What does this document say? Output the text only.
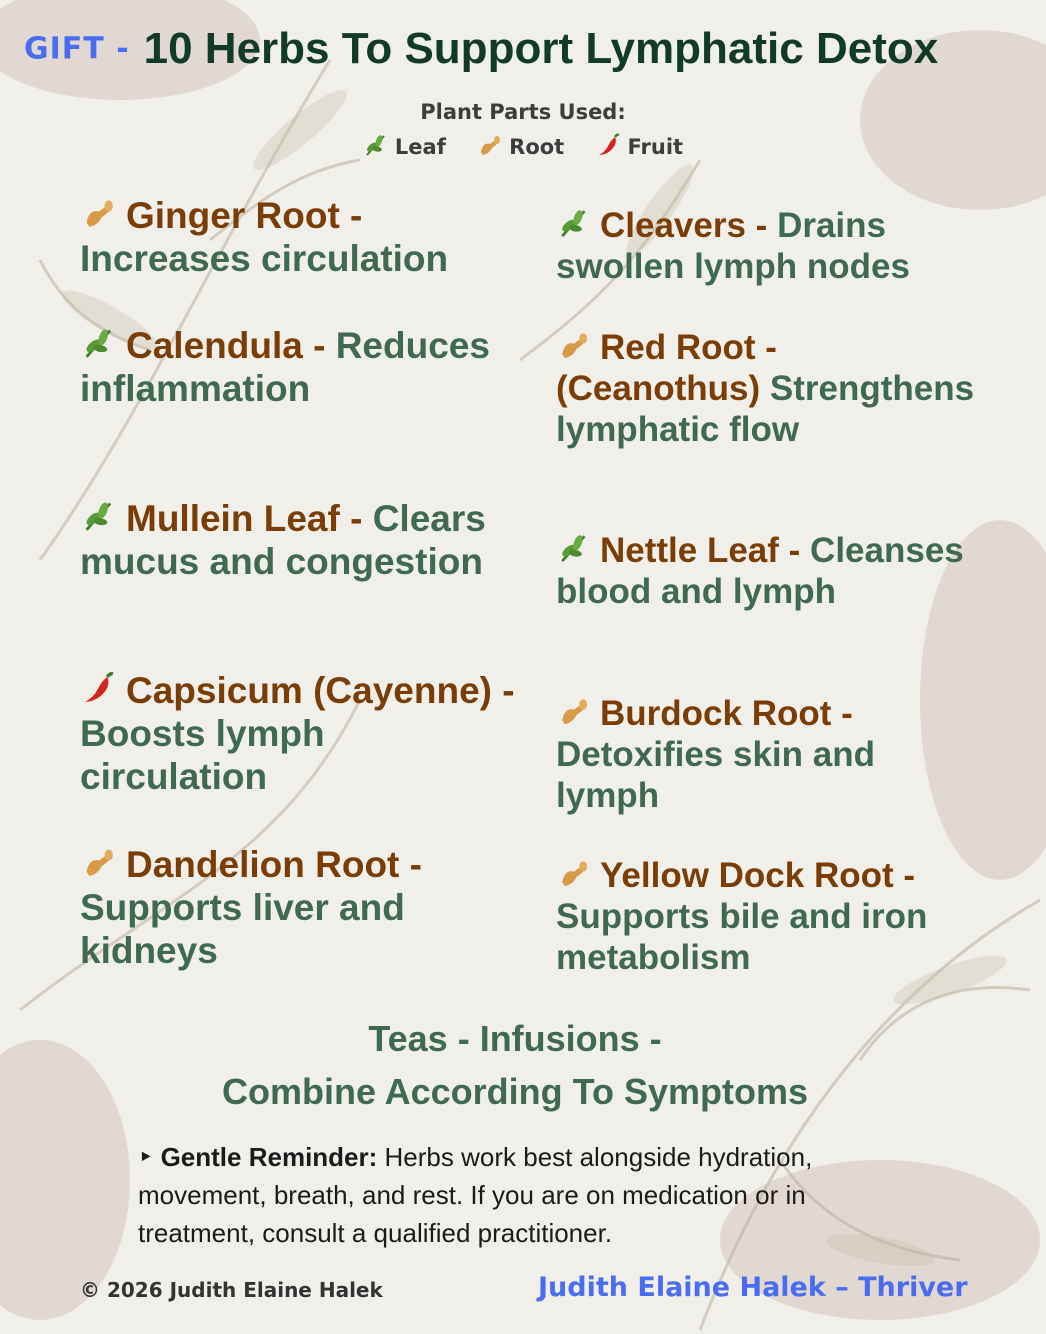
GIFT - 10 Herbs To Support Lymphatic Detox
Plant Parts Used:
Leaf	Root	Fruit
Ginger Root - Increases circulation
Calendula - Reduces inflammation
Mullein Leaf - Clears mucus and congestion
Capsicum (Cayenne) - Boosts lymph circulation
Dandelion Root - Supports liver and kidneys
Cleavers - Drains swollen lymph nodes
Red Root - (Ceanothus) Strengthens lymphatic flow
Nettle Leaf - Cleanses blood and lymph
Burdock Root - Detoxifies skin and lymph
Yellow Dock Root - Supports bile and iron metabolism
Teas - Infusions -
Combine According To Symptoms
‣ Gentle Reminder: Herbs work best alongside hydration, movement, breath, and rest. If you are on medication or in treatment, consult a qualified practitioner.
© 2026 Judith Elaine Halek	Judith Elaine Halek – Thriver
